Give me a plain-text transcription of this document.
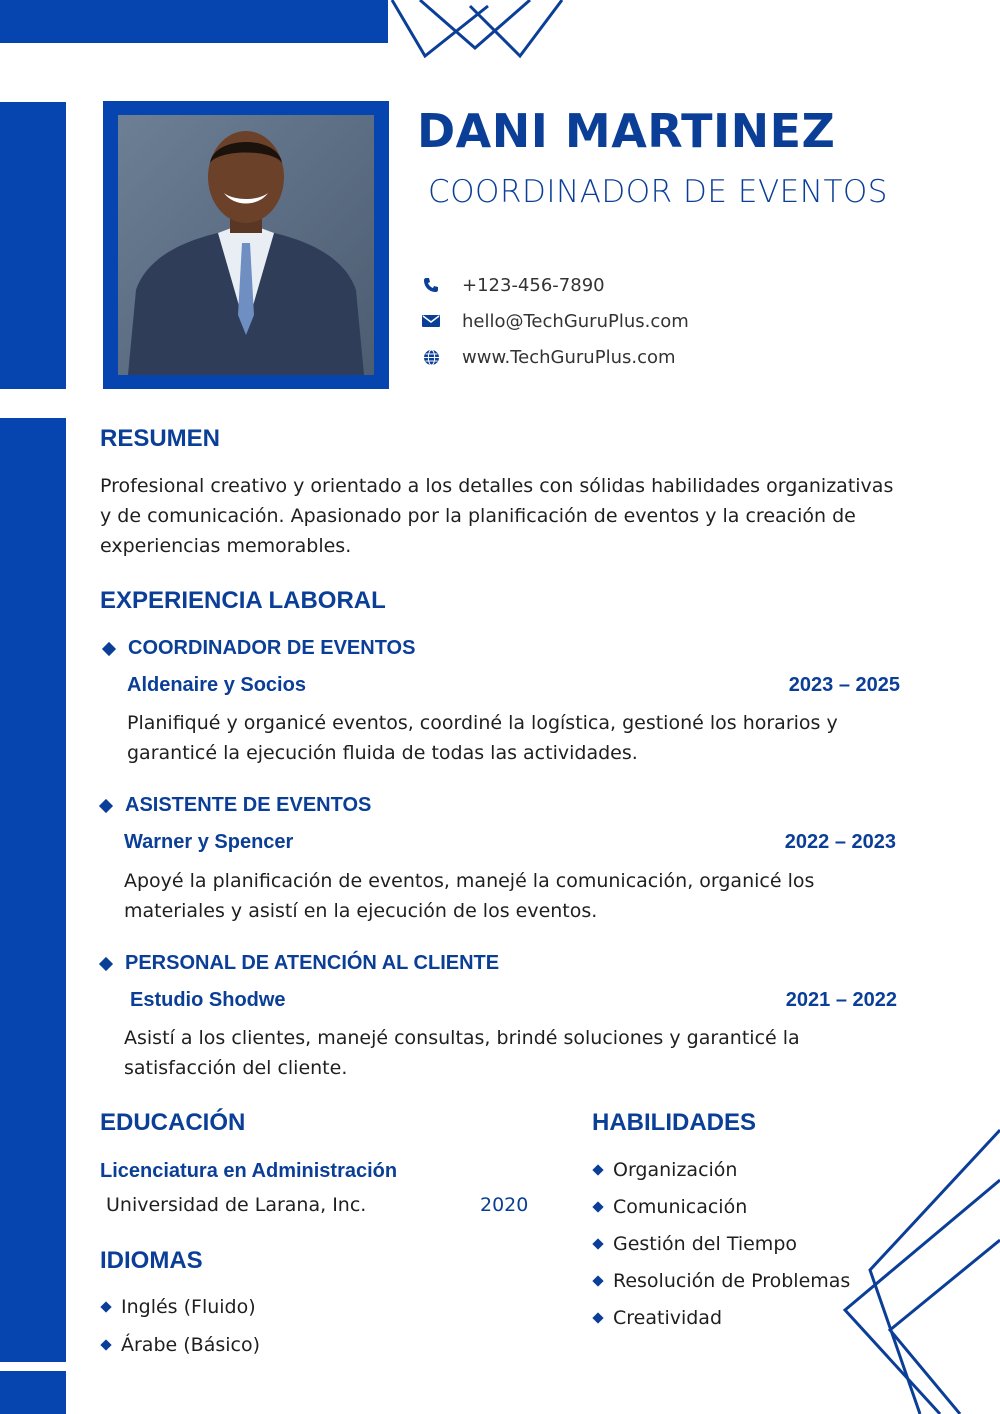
DANI MARTINEZ
COORDINADOR DE EVENTOS
+123-456-7890
hello@TechGuruPlus.com
www.TechGuruPlus.com
RESUMEN
Profesional creativo y orientado a los detalles con sólidas habilidades organizativas y de comunicación. Apasionado por la planificación de eventos y la creación de experiencias memorables.
EXPERIENCIA LABORAL
COORDINADOR DE EVENTOS
Aldenaire y Socios	2023 – 2025
Planifiqué y organicé eventos, coordiné la logística, gestioné los horarios y garanticé la ejecución fluida de todas las actividades.
ASISTENTE DE EVENTOS
Warner y Spencer	2022 – 2023
Apoyé la planificación de eventos, manejé la comunicación, organicé los materiales y asistí en la ejecución de los eventos.
PERSONAL DE ATENCIÓN AL CLIENTE
Estudio Shodwe	2021 – 2022
Asistí a los clientes, manejé consultas, brindé soluciones y garanticé la satisfacción del cliente.
EDUCACIÓN
Licenciatura en Administración
Universidad de Larana, Inc.	2020
IDIOMAS
Inglés (Fluido)
Árabe (Básico)
HABILIDADES
Organización
Comunicación
Gestión del Tiempo
Resolución de Problemas
Creatividad
